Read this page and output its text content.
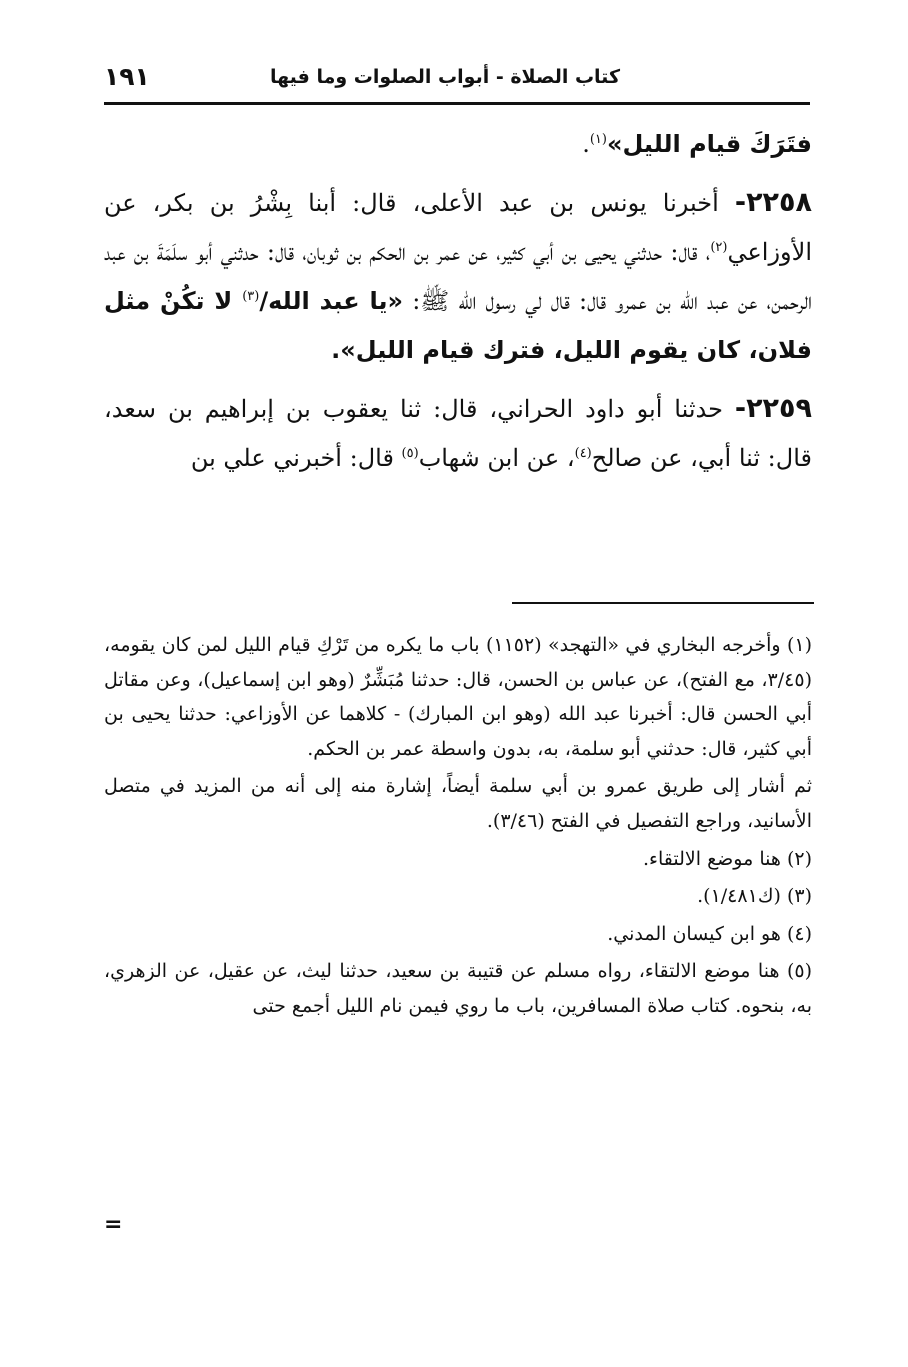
كتاب الصلاة - أبواب الصلوات وما فيها
١٩١

فتَرَكَ قيام الليل»$^{(١)}$.

٢٢٥٨- أخبرنا يونس بن عبد الأعلى، قال: أبنا بِشْرُ بن بكر، عن الأوزاعي$^{(٢)}$، قال: حدثني يحيى بن أبي كثير، عن عمر بن الحكم بن ثوبان، قال: حدثني أبو سلَمَةَ بن عبد الرحمن، عن عبد الله بن عمرو قال: قال لي رسول الله ﷺ: «يا عبد الله/$^{(٣)}$ لا تكُنْ مثل فلان، كان يقوم الليل، فترك قيام الليل».

٢٢٥٩- حدثنا أبو داود الحراني، قال: ثنا يعقوب بن إبراهيم بن سعد، قال: ثنا أبي، عن صالح$^{(٤)}$، عن ابن شهاب$^{(٥)}$ قال: أخبرني علي بن

(١) وأخرجه البخاري في «التهجد» (١١٥٢) باب ما يكره من تَرْكِ قيام الليل لمن كان يقومه، (٣/٤٥، مع الفتح)، عن عباس بن الحسن، قال: حدثنا مُبَشِّرٌ (وهو ابن إسماعيل)، وعن مقاتل أبي الحسن قال: أخبرنا عبد الله (وهو ابن المبارك) - كلاهما عن الأوزاعي: حدثنا يحيى بن أبي كثير، قال: حدثني أبو سلمة، به، بدون واسطة عمر بن الحكم.
ثم أشار إلى طريق عمرو بن أبي سلمة أيضاً، إشارة منه إلى أنه من المزيد في متصل الأسانيد، وراجع التفصيل في الفتح (٣/٤٦).
(٢) هنا موضع الالتقاء.
(٣) (ك١/٤٨١).
(٤) هو ابن كيسان المدني.
(٥) هنا موضع الالتقاء، رواه مسلم عن قتيبة بن سعيد، حدثنا ليث، عن عقيل، عن الزهري، به، بنحوه. كتاب صلاة المسافرين، باب ما روي فيمن نام الليل أجمع حتى
=
